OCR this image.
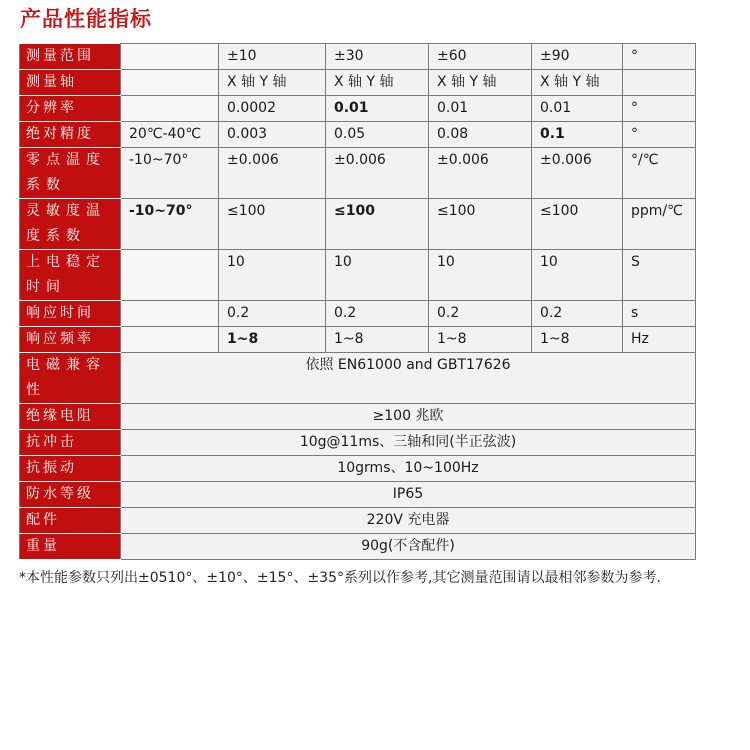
产品性能指标
测量范围		±10	±30	±60	±90	°
测量轴		X 轴 Y 轴	X 轴 Y 轴	X 轴 Y 轴	X 轴 Y 轴	
分辨率		0.0002	0.01	0.01	0.01	°
绝对精度	20℃-40℃	0.003	0.05	0.08	0.1	°
零点温度系数	-10~70°	±0.006	±0.006	±0.006	±0.006	°/℃
灵敏度温度系数	-10~70°	≤100	≤100	≤100	≤100	ppm/℃
上电稳定时间		10	10	10	10	S
响应时间		0.2	0.2	0.2	0.2	s
响应频率		1~8	1~8	1~8	1~8	Hz
电磁兼容性	依照 EN61000 and GBT17626					
绝缘电阻	≥100 兆欧					
抗冲击	10g@11ms、三轴和同(半正弦波)					
抗振动	10grms、10~100Hz					
防水等级	IP65					
配件	220V 充电器					
重量	90g(不含配件)					
*本性能参数只列出±0510°、±10°、±15°、±35°系列以作参考,其它测量范围请以最相邻参数为参考.
